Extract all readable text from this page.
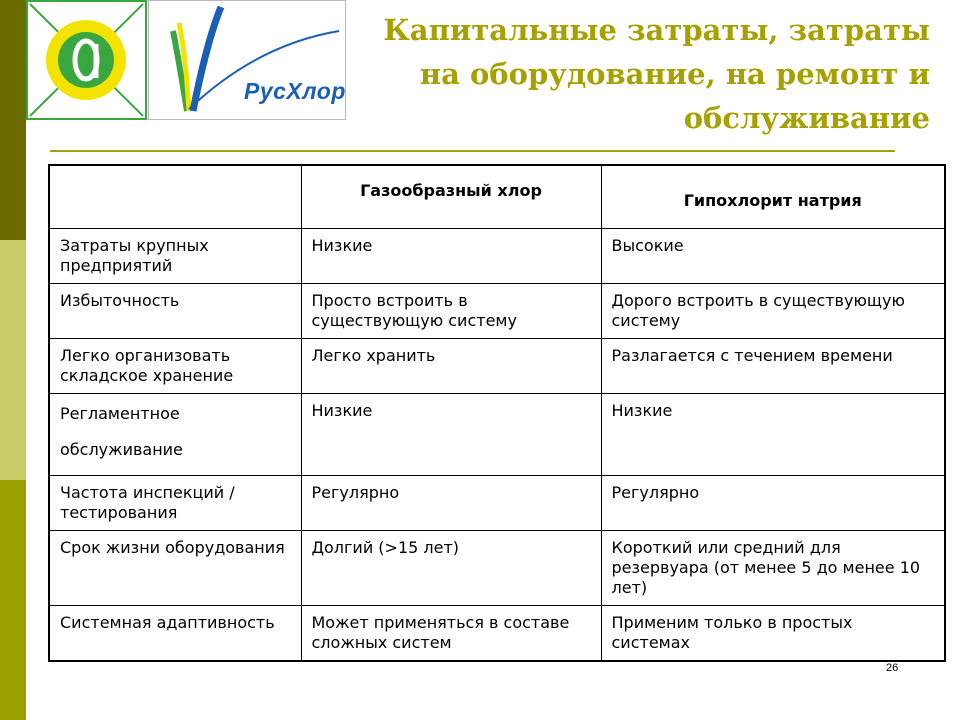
РусХлор
Капитальные затраты, затраты на оборудование, на ремонт и обслуживание
	Газообразный хлор	Гипохлорит натрия
Затраты крупных предприятий	Низкие	Высокие
Избыточность	Просто встроить в существующую систему	Дорого встроить в существующую систему
Легко организовать складское хранение	Легко хранить	Разлагается с течением времени
Регламентное обслуживание	Низкие	Низкие
Частота инспекций / тестирования	Регулярно	Регулярно
Срок жизни оборудования	Долгий (>15 лет)	Короткий или средний для резервуара (от менее 5 до менее 10 лет)
Системная адаптивность	Может применяться в составе сложных систем	Применим только в простых системах
26
